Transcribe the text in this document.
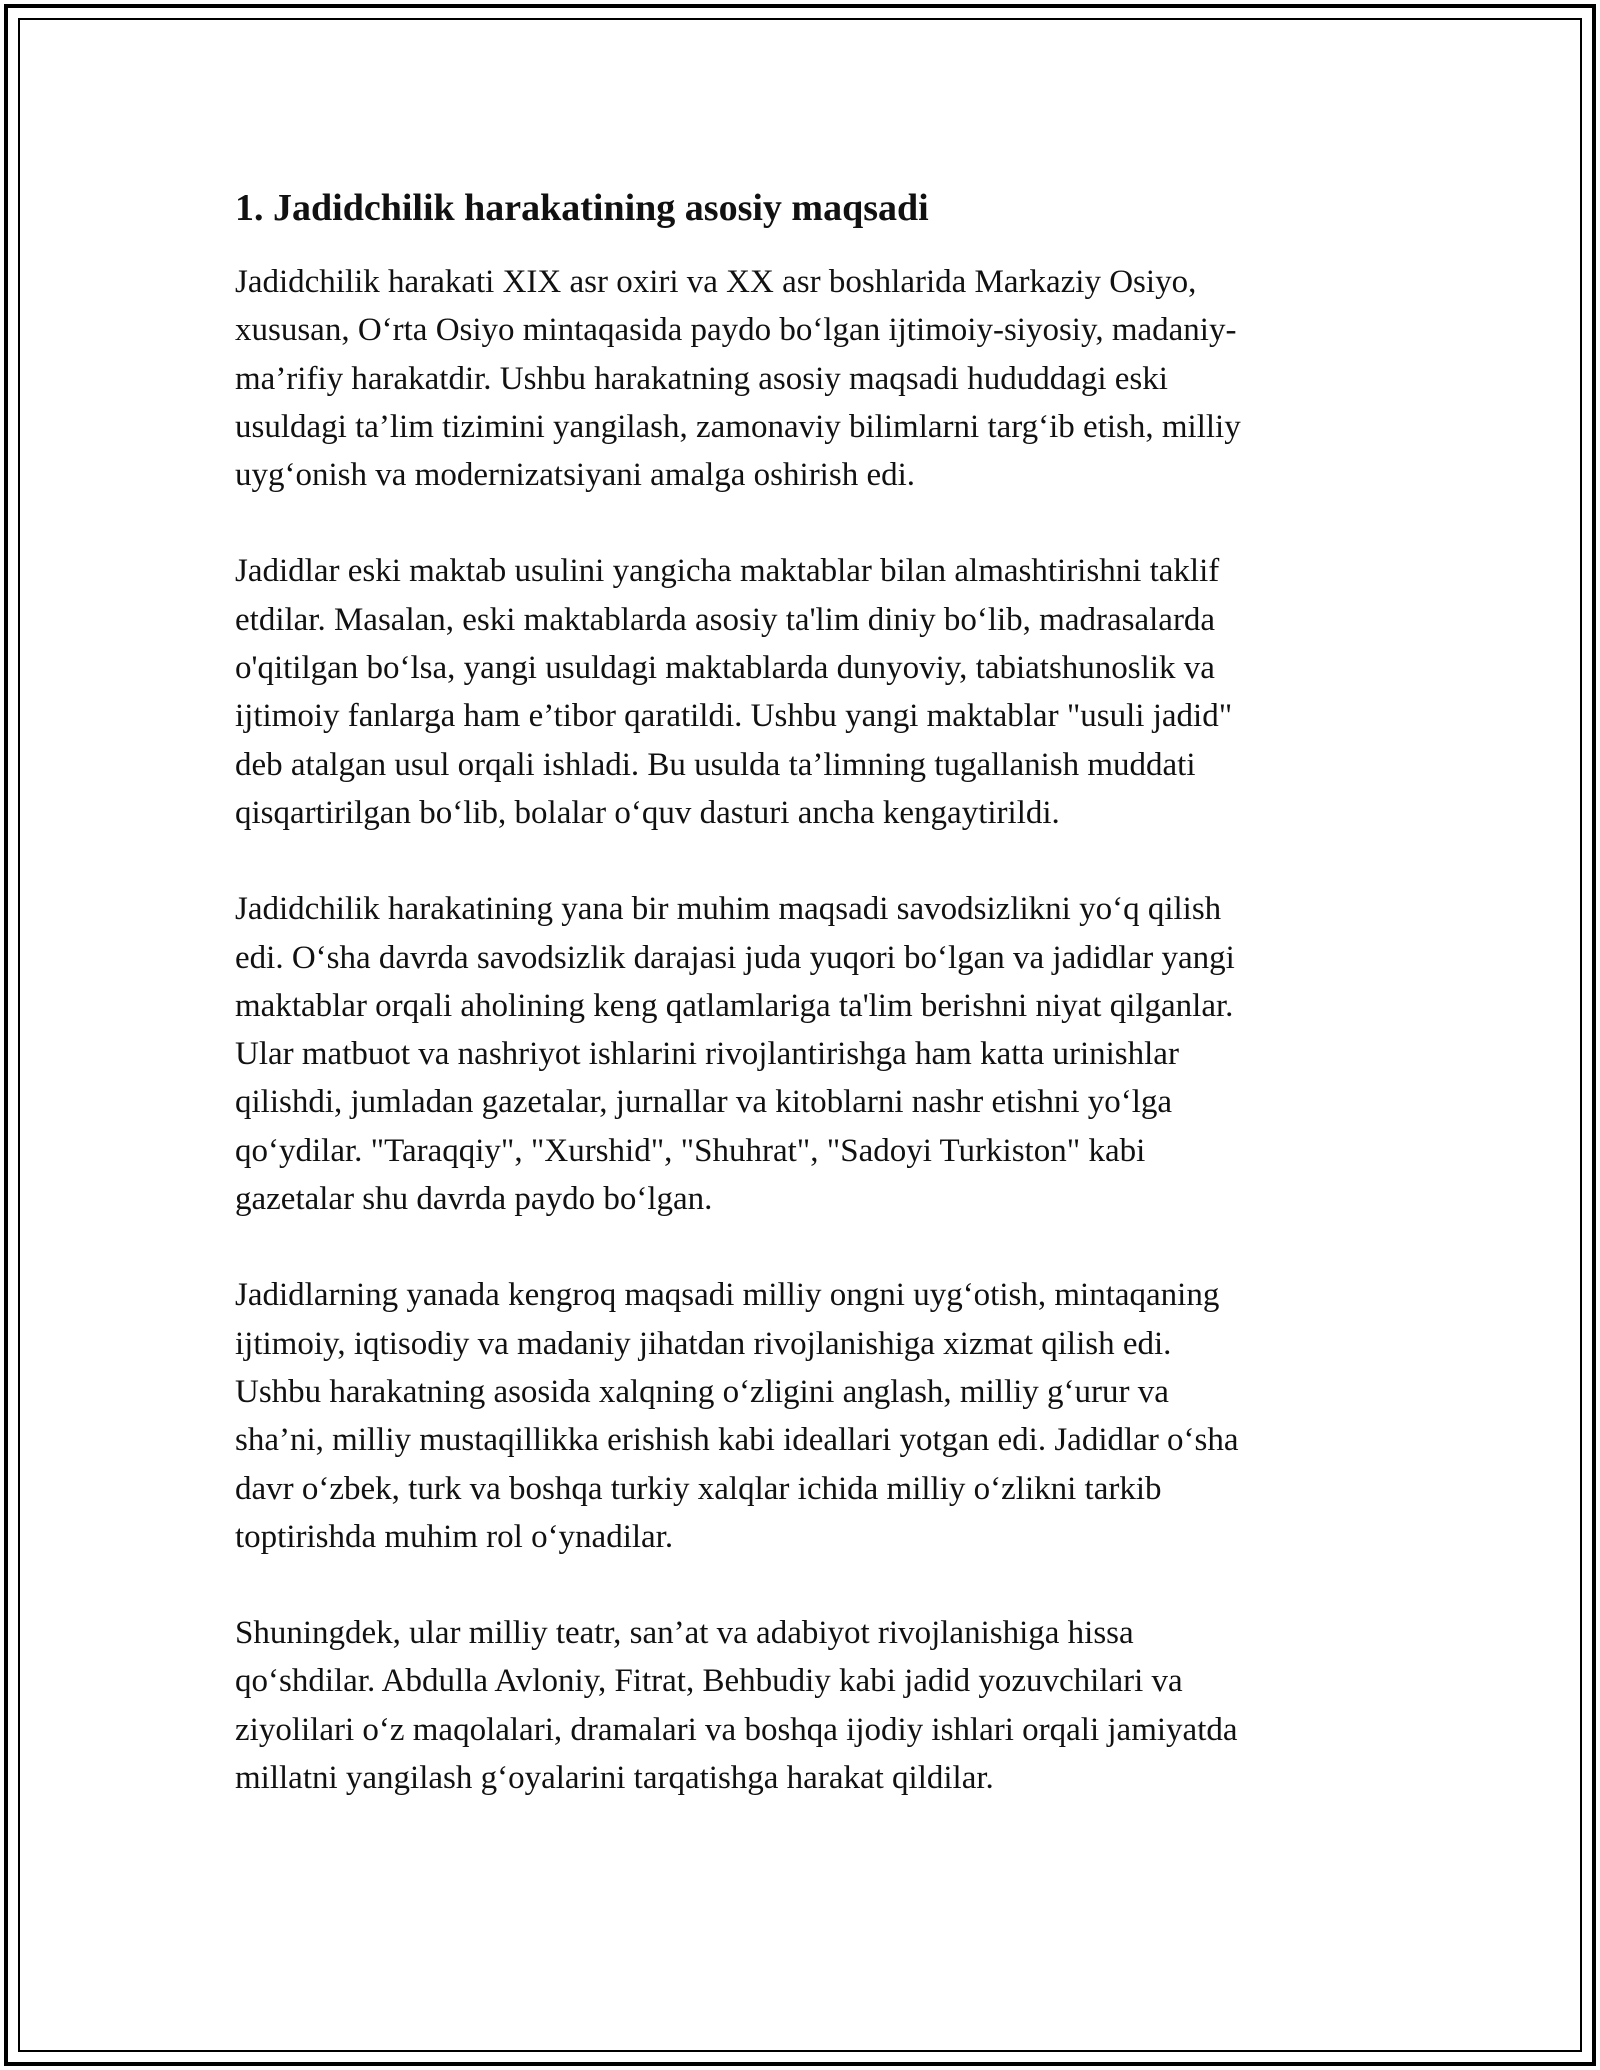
1. Jadidchilik harakatining asosiy maqsadi

Jadidchilik harakati XIX asr oxiri va XX asr boshlarida Markaziy Osiyo,
xususan, O‘rta Osiyo mintaqasida paydo bo‘lgan ijtimoiy-siyosiy, madaniy-
ma’rifiy harakatdir. Ushbu harakatning asosiy maqsadi hududdagi eski
usuldagi ta’lim tizimini yangilash, zamonaviy bilimlarni targ‘ib etish, milliy
uyg‘onish va modernizatsiyani amalga oshirish edi.

Jadidlar eski maktab usulini yangicha maktablar bilan almashtirishni taklif
etdilar. Masalan, eski maktablarda asosiy ta'lim diniy bo‘lib, madrasalarda
o'qitilgan bo‘lsa, yangi usuldagi maktablarda dunyoviy, tabiatshunoslik va
ijtimoiy fanlarga ham e’tibor qaratildi. Ushbu yangi maktablar "usuli jadid"
deb atalgan usul orqali ishladi. Bu usulda ta’limning tugallanish muddati
qisqartirilgan bo‘lib, bolalar o‘quv dasturi ancha kengaytirildi.

Jadidchilik harakatining yana bir muhim maqsadi savodsizlikni yo‘q qilish
edi. O‘sha davrda savodsizlik darajasi juda yuqori bo‘lgan va jadidlar yangi
maktablar orqali aholining keng qatlamlariga ta'lim berishni niyat qilganlar.
Ular matbuot va nashriyot ishlarini rivojlantirishga ham katta urinishlar
qilishdi, jumladan gazetalar, jurnallar va kitoblarni nashr etishni yo‘lga
qo‘ydilar. "Taraqqiy", "Xurshid", "Shuhrat", "Sadoyi Turkiston" kabi
gazetalar shu davrda paydo bo‘lgan.

Jadidlarning yanada kengroq maqsadi milliy ongni uyg‘otish, mintaqaning
ijtimoiy, iqtisodiy va madaniy jihatdan rivojlanishiga xizmat qilish edi.
Ushbu harakatning asosida xalqning o‘zligini anglash, milliy g‘urur va
sha’ni, milliy mustaqillikka erishish kabi ideallari yotgan edi. Jadidlar o‘sha
davr o‘zbek, turk va boshqa turkiy xalqlar ichida milliy o‘zlikni tarkib
toptirishda muhim rol o‘ynadilar.

Shuningdek, ular milliy teatr, san’at va adabiyot rivojlanishiga hissa
qo‘shdilar. Abdulla Avloniy, Fitrat, Behbudiy kabi jadid yozuvchilari va
ziyolilari o‘z maqolalari, dramalari va boshqa ijodiy ishlari orqali jamiyatda
millatni yangilash g‘oyalarini tarqatishga harakat qildilar.
